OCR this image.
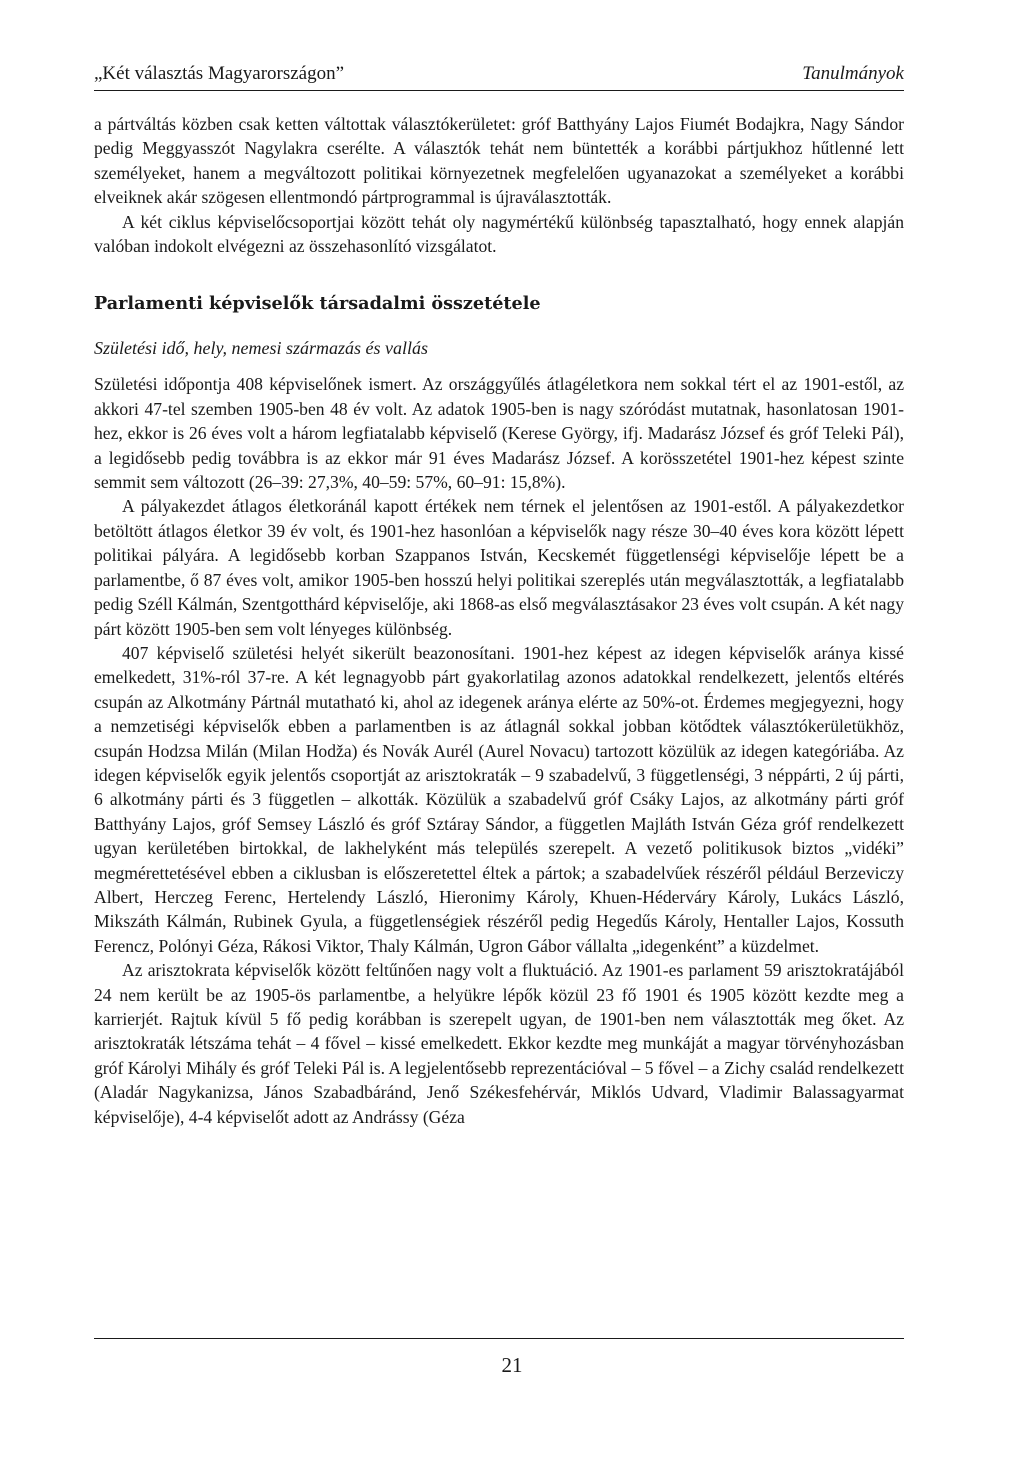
„Két választás Magyarországon”	Tanulmányok

a pártváltás közben csak ketten váltottak választókerületet: gróf Batthyány Lajos Fiumét Bodajkra, Nagy Sándor pedig Meggyasszót Nagylakra cserélte. A választók tehát nem büntették a korábbi pártjukhoz hűtlenné lett személyeket, hanem a megváltozott politikai környezetnek megfelelően ugyanazokat a személyeket a korábbi elveiknek akár szögesen ellentmondó pártprogrammal is újraválasztották.

A két ciklus képviselőcsoportjai között tehát oly nagymértékű különbség tapasztalható, hogy ennek alapján valóban indokolt elvégezni az összehasonlító vizsgálatot.

Parlamenti képviselők társadalmi összetétele
Születési idő, hely, nemesi származás és vallás

Születési időpontja 408 képviselőnek ismert. Az országgyűlés átlagéletkora nem sokkal tért el az 1901-estől, az akkori 47-tel szemben 1905-ben 48 év volt. Az adatok 1905-ben is nagy szóródást mutatnak, hasonlatosan 1901-hez, ekkor is 26 éves volt a három legfiatalabb képviselő (Kerese György, ifj. Madarász József és gróf Teleki Pál), a legidősebb pedig továbbra is az ekkor már 91 éves Madarász József. A korösszetétel 1901-hez képest szinte semmit sem változott (26–39: 27,3%, 40–59: 57%, 60–91: 15,8%).

A pályakezdet átlagos életkoránál kapott értékek nem térnek el jelentősen az 1901-estől. A pályakezdetkor betöltött átlagos életkor 39 év volt, és 1901-hez hasonlóan a képviselők nagy része 30–40 éves kora között lépett politikai pályára. A legidősebb korban Szappanos István, Kecskemét függetlenségi képviselője lépett be a parlamentbe, ő 87 éves volt, amikor 1905-ben hosszú helyi politikai szereplés után megválasztották, a legfiatalabb pedig Széll Kálmán, Szentgotthárd képviselője, aki 1868-as első megválasztásakor 23 éves volt csupán. A két nagy párt között 1905-ben sem volt lényeges különbség.

407 képviselő születési helyét sikerült beazonosítani. 1901-hez képest az idegen képviselők aránya kissé emelkedett, 31%-ról 37-re. A két legnagyobb párt gyakorlatilag azonos adatokkal rendelkezett, jelentős eltérés csupán az Alkotmány Pártnál mutatható ki, ahol az idegenek aránya elérte az 50%-ot. Érdemes megjegyezni, hogy a nemzetiségi képviselők ebben a parlamentben is az átlagnál sokkal jobban kötődtek választókerületükhöz, csupán Hodzsa Milán (Milan Hodža) és Novák Aurél (Aurel Novacu) tartozott közülük az idegen kategóriába. Az idegen képviselők egyik jelentős csoportját az arisztokraták – 9 szabadelvű, 3 függetlenségi, 3 néppárti, 2 új párti, 6 alkotmány párti és 3 független – alkották. Közülük a szabadelvű gróf Csáky Lajos, az alkotmány párti gróf Batthyány Lajos, gróf Semsey László és gróf Sztáray Sándor, a független Majláth István Géza gróf rendelkezett ugyan kerületében birtokkal, de lakhelyként más település szerepelt. A vezető politikusok biztos „vidéki” megmérettetésével ebben a ciklusban is előszeretettel éltek a pártok; a szabadelvűek részéről például Berzeviczy Albert, Herczeg Ferenc, Hertelendy László, Hieronimy Károly, Khuen-Héderváry Károly, Lukács László, Mikszáth Kálmán, Rubinek Gyula, a függetlenségiek részéről pedig Hegedűs Károly, Hentaller Lajos, Kossuth Ferencz, Polónyi Géza, Rákosi Viktor, Thaly Kálmán, Ugron Gábor vállalta „idegenként” a küzdelmet.

Az arisztokrata képviselők között feltűnően nagy volt a fluktuáció. Az 1901-es parlament 59 arisztokratájából 24 nem került be az 1905-ös parlamentbe, a helyükre lépők közül 23 fő 1901 és 1905 között kezdte meg a karrierjét. Rajtuk kívül 5 fő pedig korábban is szerepelt ugyan, de 1901-ben nem választották meg őket. Az arisztokraták létszáma tehát – 4 fővel – kissé emelkedett. Ekkor kezdte meg munkáját a magyar törvényhozásban gróf Károlyi Mihály és gróf Teleki Pál is. A legjelentősebb reprezentációval – 5 fővel – a Zichy család rendelkezett (Aladár Nagykanizsa, János Szabadbáránd, Jenő Székesfehérvár, Miklós Udvard, Vladimir Balassagyarmat képviselője), 4-4 képviselőt adott az Andrássy (Géza

21
